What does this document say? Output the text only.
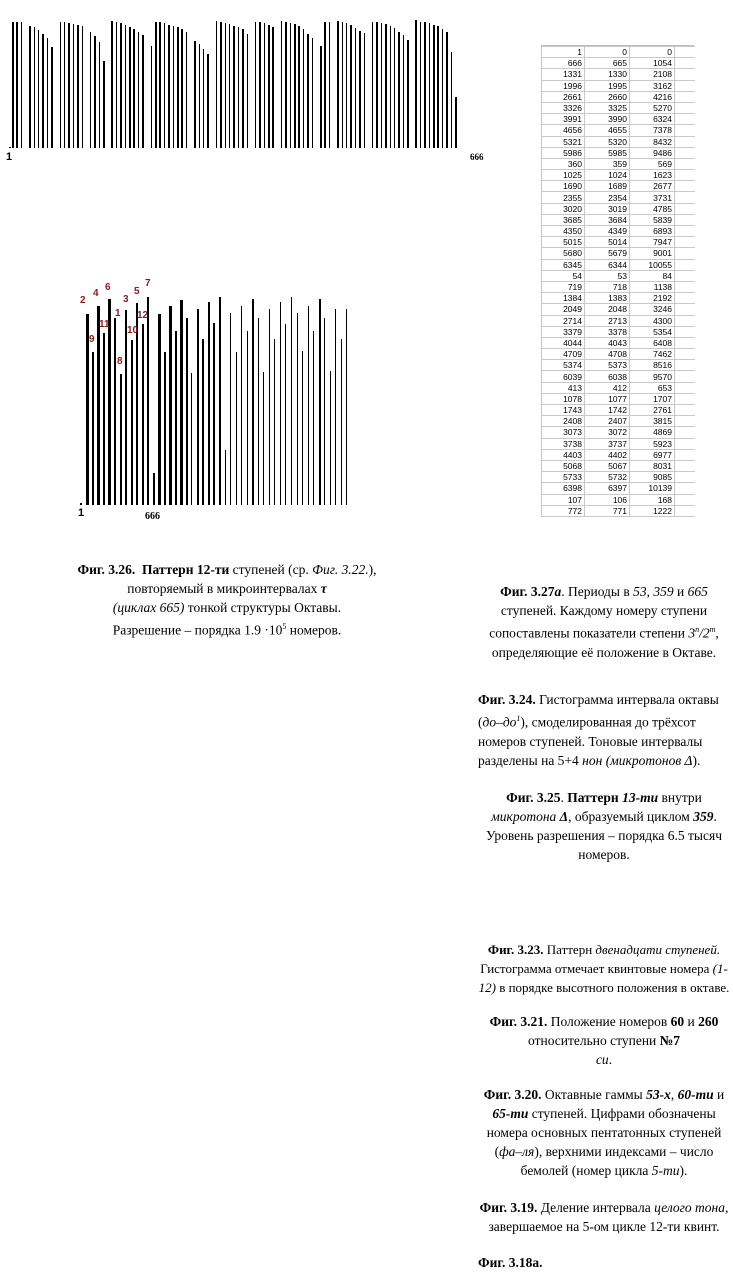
1	666
1	666
2
4
6
3
5
7
1 12
11
10
9
8
Фиг. 3.26. Паттерн 12-ти ступеней (ср. Фиг. 3.22.), повторяемый в микроинтервалах τ
(циклах 665) тонкой структуры Октавы.
Разрешение – порядка $1.9 \cdot 10^5$ номеров.
1	0	0	
666	665	1054	
1331	1330	2108	
1996	1995	3162	
2661	2660	4216	
3326	3325	5270	
3991	3990	6324	
4656	4655	7378	
5321	5320	8432	
5986	5985	9486	
360	359	569	
1025	1024	1623	
1690	1689	2677	
2355	2354	3731	
3020	3019	4785	
3685	3684	5839	
4350	4349	6893	
5015	5014	7947	
5680	5679	9001	
6345	6344	10055	
54	53	84	
719	718	1138	
1384	1383	2192	
2049	2048	3246	
2714	2713	4300	
3379	3378	5354	
4044	4043	6408	
4709	4708	7462	
5374	5373	8516	
6039	6038	9570	
413	412	653	
1078	1077	1707	
1743	1742	2761	
2408	2407	3815	
3073	3072	4869	
3738	3737	5923	
4403	4402	6977	
5068	5067	8031	
5733	5732	9085	
6398	6397	10139	
107	106	168	
772	771	1222	
Фиг. 3.27а. Периоды в 53, 359 и 665 ступеней. Каждому номеру ступени сопоставлены показатели степени 3$^n$/2$^m$, определяющие её положение в Октаве.
Фиг. 3.24. Гистограмма интервала октавы $(до-до^1)$, смоделированная до трёхсот номеров ступеней. Тоновые интервалы разделены на 5+4 нон (микротонов Δ).
Фиг. 3.25. Паттерн 13-ти внутри микротона Δ, образуемый циклом 359. Уровень разрешения – порядка 6.5 тысяч номеров.
Фиг. 3.23. Паттерн двенадцати ступеней. Гистограмма отмечает квинтовые номера (1-12) в порядке высотного положения в октаве.
Фиг. 3.21. Положение номеров 60 и 260 относительно ступени №7
си.
Фиг. 3.20. Октавные гаммы 53-х, 60-ти и 65-ти ступеней. Цифрами обозначены номера основных пентатонных ступеней (фа–ля), верхними индексами – число бемолей (номер цикла 5-ти).
Фиг. 3.19. Деление интервала целого тона, завершаемое на 5-ом цикле 12-ти квинт.
Фиг. 3.18а.
